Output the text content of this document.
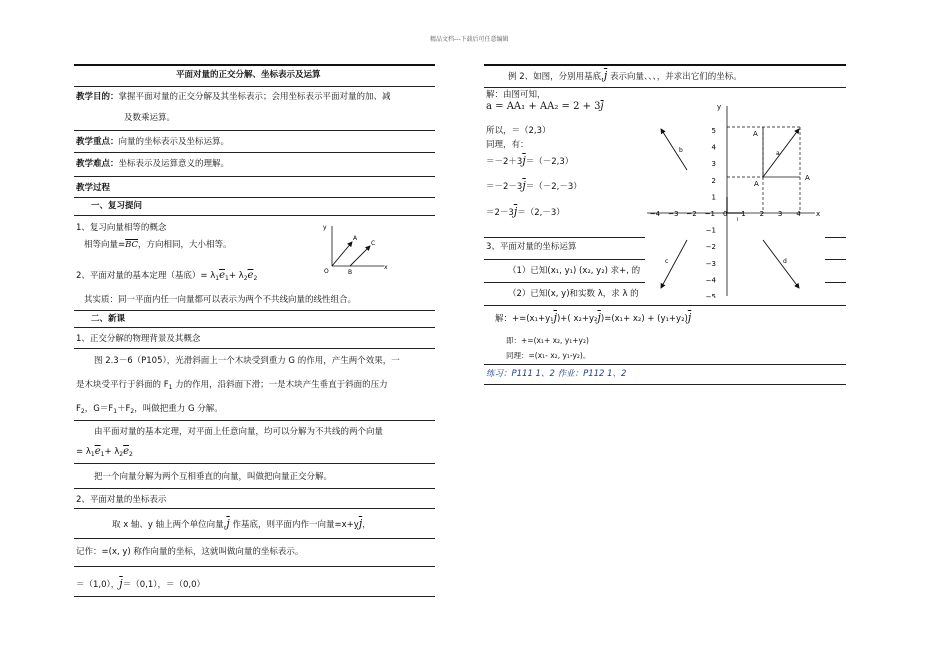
精品文档---下载后可任意编辑
平面对量的正交分解、坐标表示及运算
教学目的：掌握平面对量的正交分解及其坐标表示；会用坐标表示平面对量的加、减
及数乘运算。
教学重点：向量的坐标表示及坐标运算。
教学难点：坐标表示及运算意义的理解。
教学过程
一、复习提问
1、复习向量相等的概念
相等向量$=\overline{BC}$，方向相同，大小相等。
y
x
O
A
B
C
2、平面对量的基本定理（基底）= $\lambda_1\overline{e}_1+ \lambda_2\overline{e}_2$
其实质：同一平面内任一向量都可以表示为两个不共线向量的线性组合。
二、新课
1、正交分解的物理背景及其概念
图 2.3－6（P105），光滑斜面上一个木块受到重力 G 的作用，产生两个效果，一
是木块受平行于斜面的 $F_1$ 力的作用，沿斜面下滑；一是木块产生垂直于斜面的压力
$F_2$，$G=F_1+F_2$，叫做把重力 G 分解。
由平面对量的基本定理，对平面上任意向量，均可以分解为不共线的两个向量
= $\lambda_1\overline{e}_1+ \lambda_2\overline{e}_2$
把一个向量分解为两个互相垂直的向量，叫做把向量正交分解。
2、平面对量的坐标表示
取 x 轴、y 轴上两个单位向量$,\overline{j}$ 作基底，则平面内作一向量$=x+y\overline{j}$，
记作：=(x, y) 称作向量的坐标，这就叫做向量的坐标表示。
＝（1,0），$\overline{j}=(0,1)$，＝（0,0）
例 2、如图，分别用基底$,\overline{j}$ 表示向量、、、，并求出它们的坐标。
解：由图可知，
$a = AA_1 + AA_2 = 2 + 3\overline{j}$
所以，＝（2,3）
同理，有：
$=-2+3\overline{j}=(-2,3)$
$=-2-3\overline{j}=(-2,-3)$
$=2-3\overline{j}=(2,-3)$
3、平面对量的坐标运算
（1）已知(x₁, y₁) (x₂, y₂) 求+, 的
（2）已知(x, y)和实数 λ，求 λ 的
解：$+=(x_1+y_1\overline{j})+$( $x_2+y_2\overline{j})=(x_1+ x_2) + (y_1+y_2)\overline{j}$
即：+=(x₁+ x₂, y₁+y₂)
同理：=(x₁- x₂, y₁-y₂)。
练习：P111 1、2 作业：P112 1、2
x
y
a
b
c	d
A
A
A
i
−4 −3 −2 −1 0 1 2 3 4
5
4
3
2
1
−1
−2
−3
−4
−5
